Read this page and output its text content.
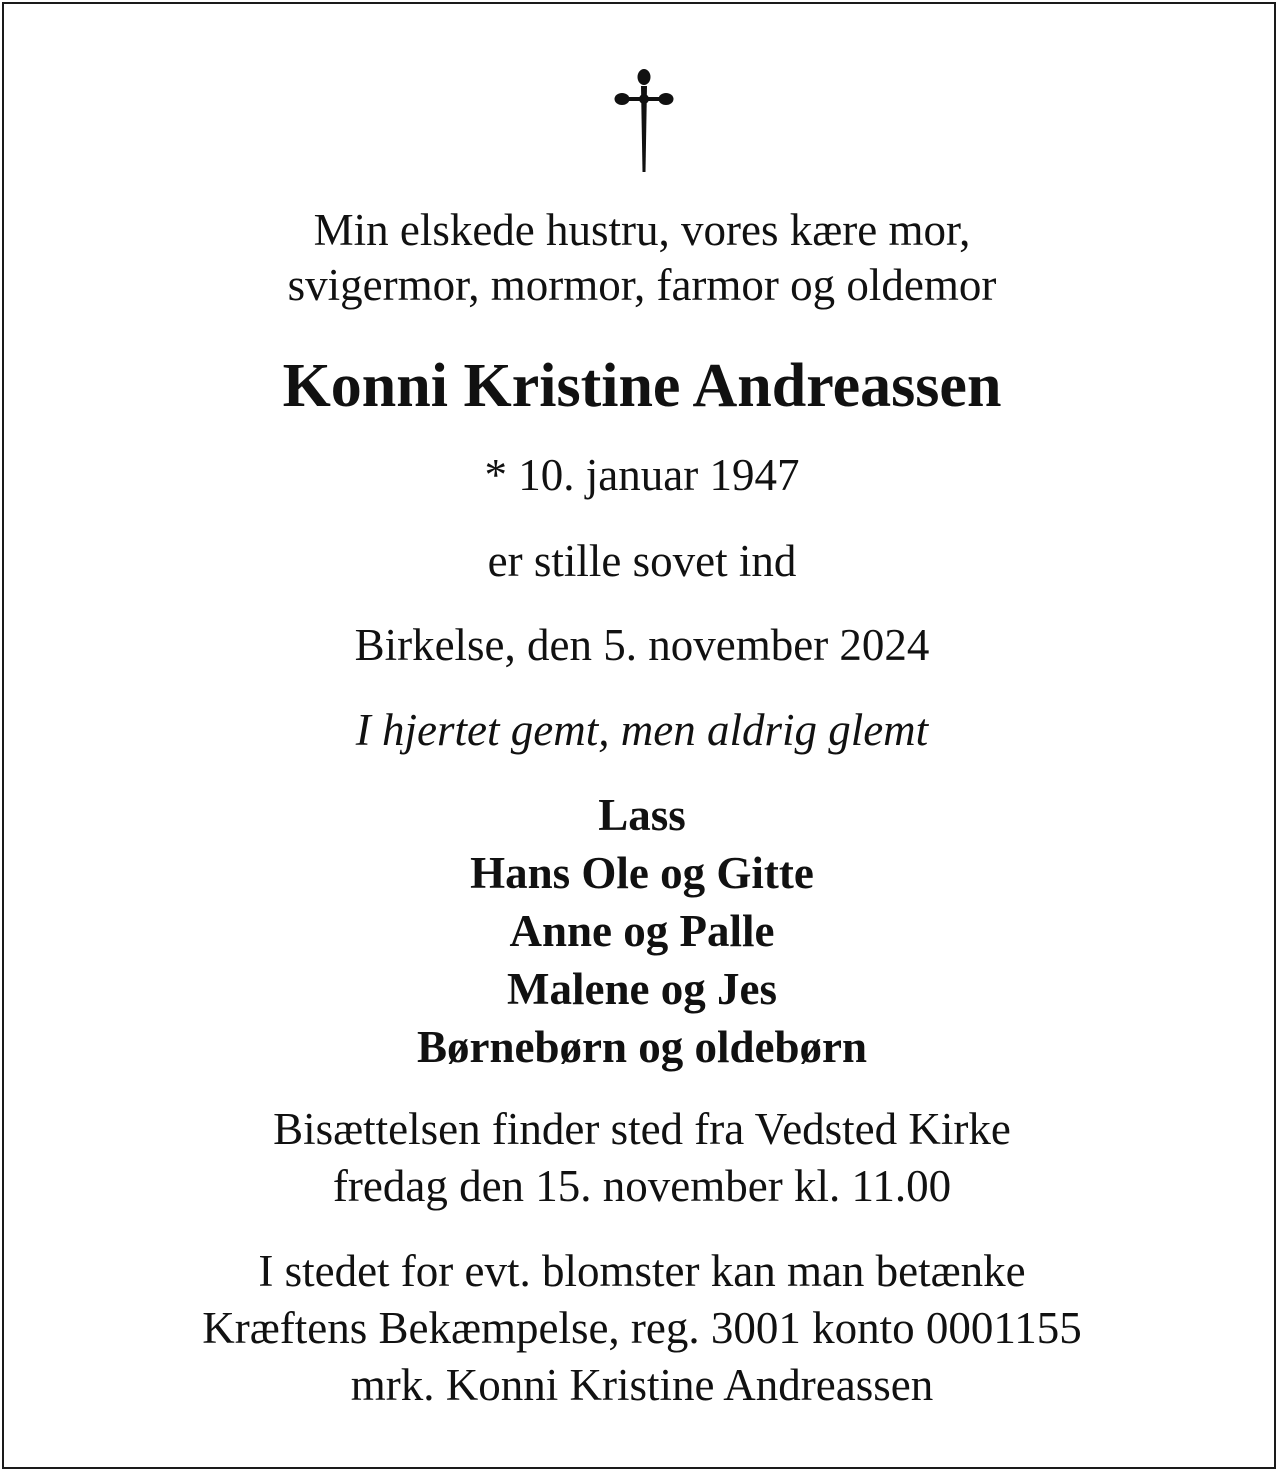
Min elskede hustru, vores kære mor,

svigermor, mormor, farmor og oldemor

Konni Kristine Andreassen

* 10. januar 1947

er stille sovet ind

Birkelse, den 5. november 2024

I hjertet gemt, men aldrig glemt

Lass

Hans Ole og Gitte

Anne og Palle

Malene og Jes

Børnebørn og oldebørn

Bisættelsen finder sted fra Vedsted Kirke

fredag den 15. november kl. 11.00

I stedet for evt. blomster kan man betænke

Kræftens Bekæmpelse, reg. 3001 konto 0001155

mrk. Konni Kristine Andreassen
